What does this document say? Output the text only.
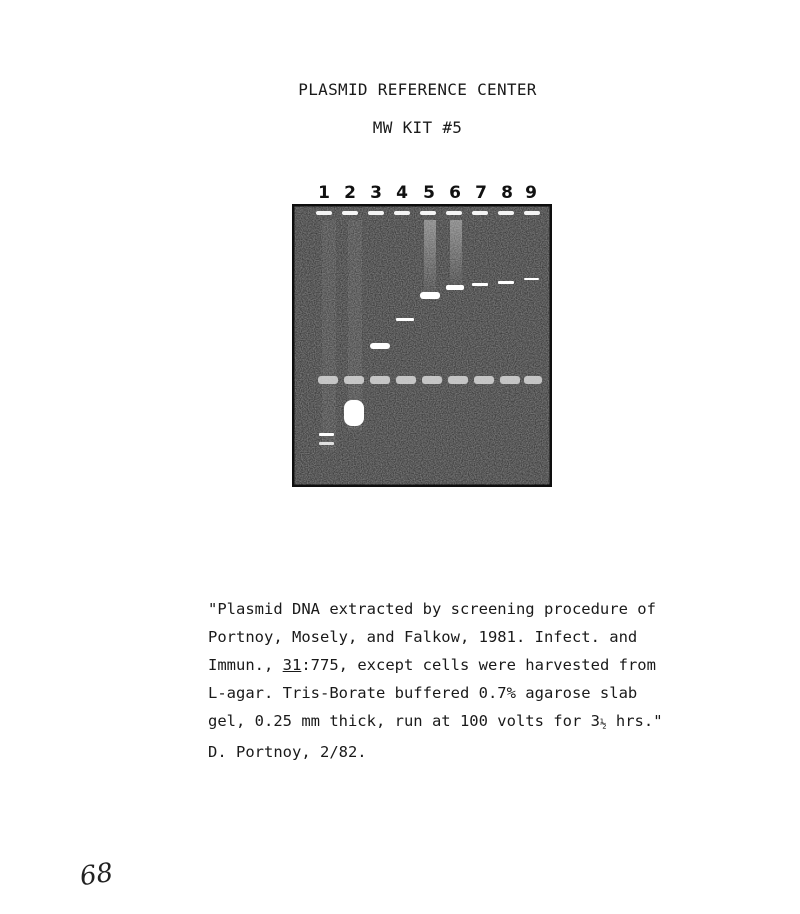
PLASMID REFERENCE CENTER
MW KIT #5
1 2 3 4 5 6 7 8 9
"Plasmid DNA extracted by screening procedure of
Portnoy, Mosely, and Falkow, 1981. Infect. and
Immun., 31:775, except cells were harvested from
L-agar. Tris-Borate buffered 0.7% agarose slab
gel, 0.25 mm thick, run at 100 volts for 3½ hrs."
D. Portnoy, 2/82.
68
